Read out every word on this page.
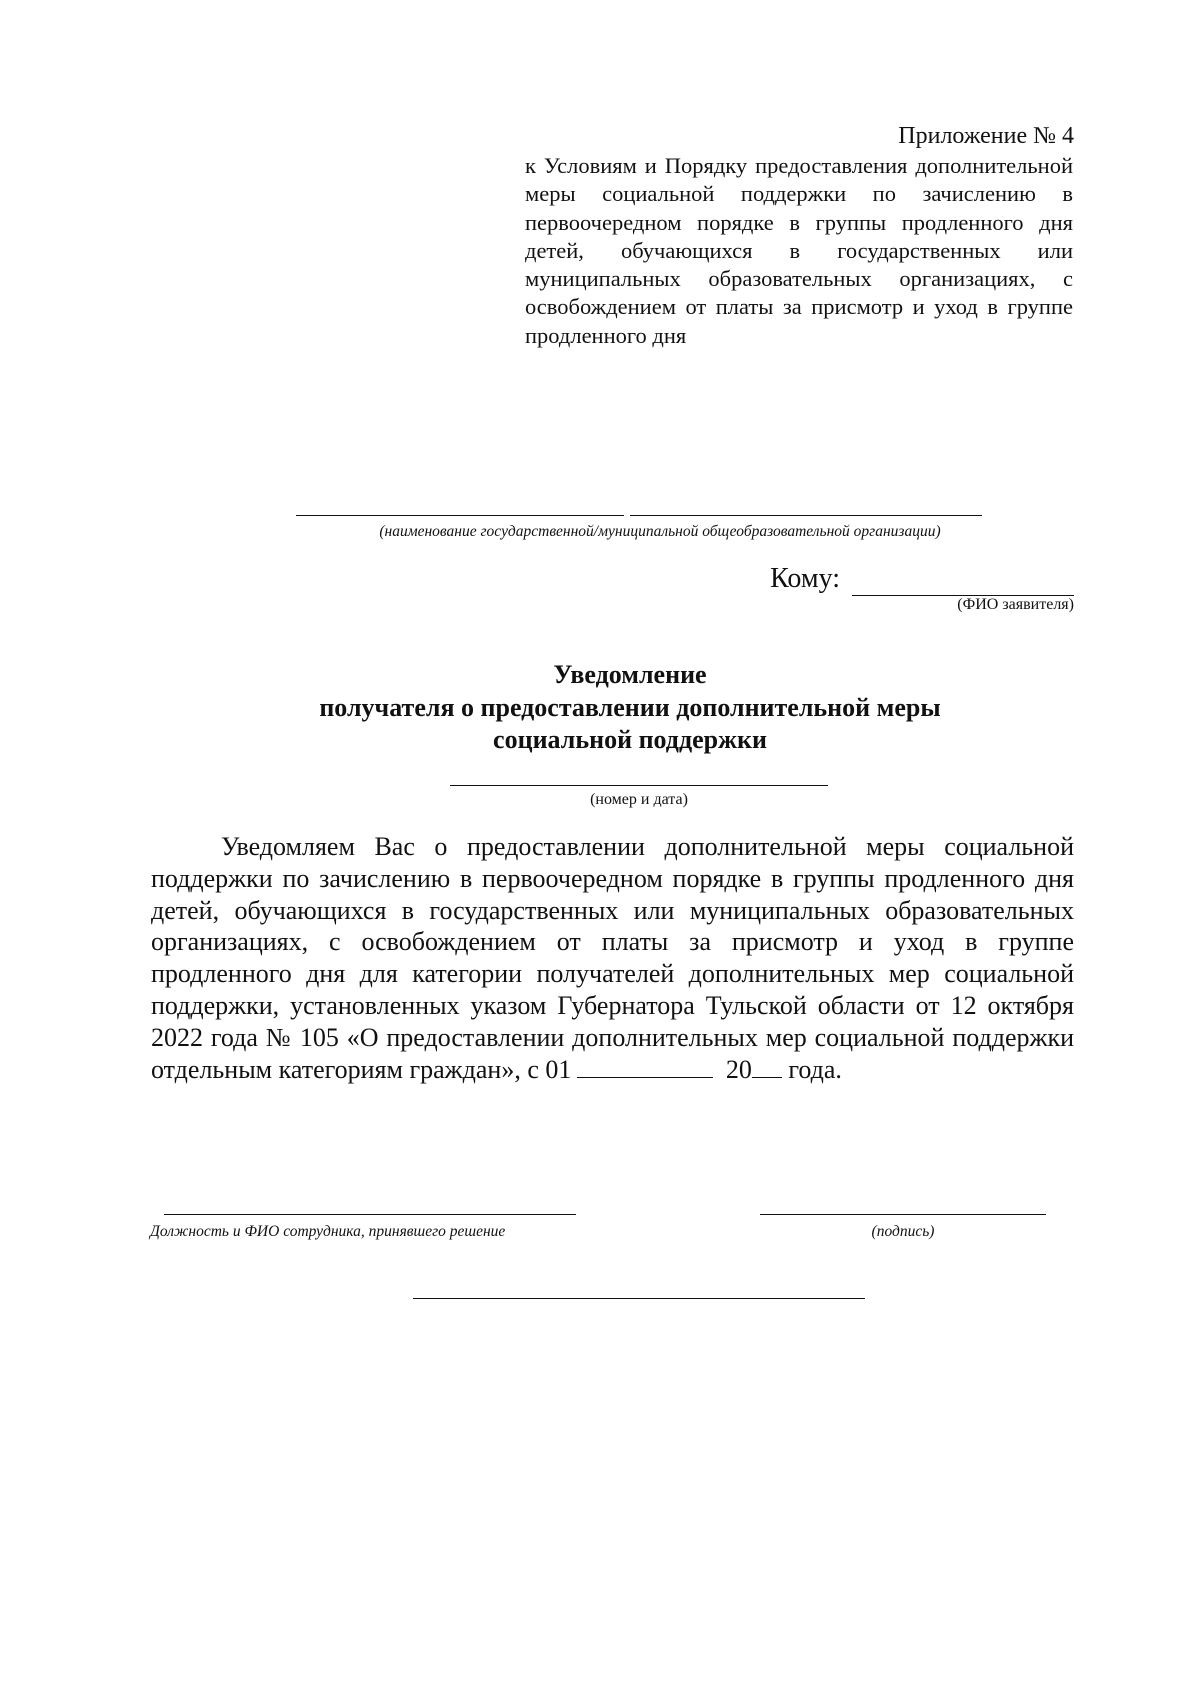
Приложение № 4
к Условиям и Порядку предоставления дополнительной меры социальной поддержки по зачислению в первоочередном порядке в группы продленного дня детей, обучающихся в государственных или муниципальных образовательных организациях, с освобождением от платы за присмотр и уход в группе продленного дня
(наименование государственной/муниципальной общеобразовательной организации)
Кому:
(ФИО заявителя)
Уведомление
получателя о предоставлении дополнительной меры
социальной поддержки
(номер и дата)
Уведомляем Вас о предоставлении дополнительной меры социальной поддержки по зачислению в первоочередном порядке в группы продленного дня детей, обучающихся в государственных или муниципальных образовательных организациях, с освобождением от платы за присмотр и уход в группе продленного дня для категории получателей дополнительных мер социальной поддержки, установленных указом Губернатора Тульской области от 12 октября 2022 года № 105 «О предоставлении дополнительных мер социальной поддержки отдельным категориям граждан», с 01	20 года.
Должность и ФИО сотрудника, принявшего решение	(подпись)
